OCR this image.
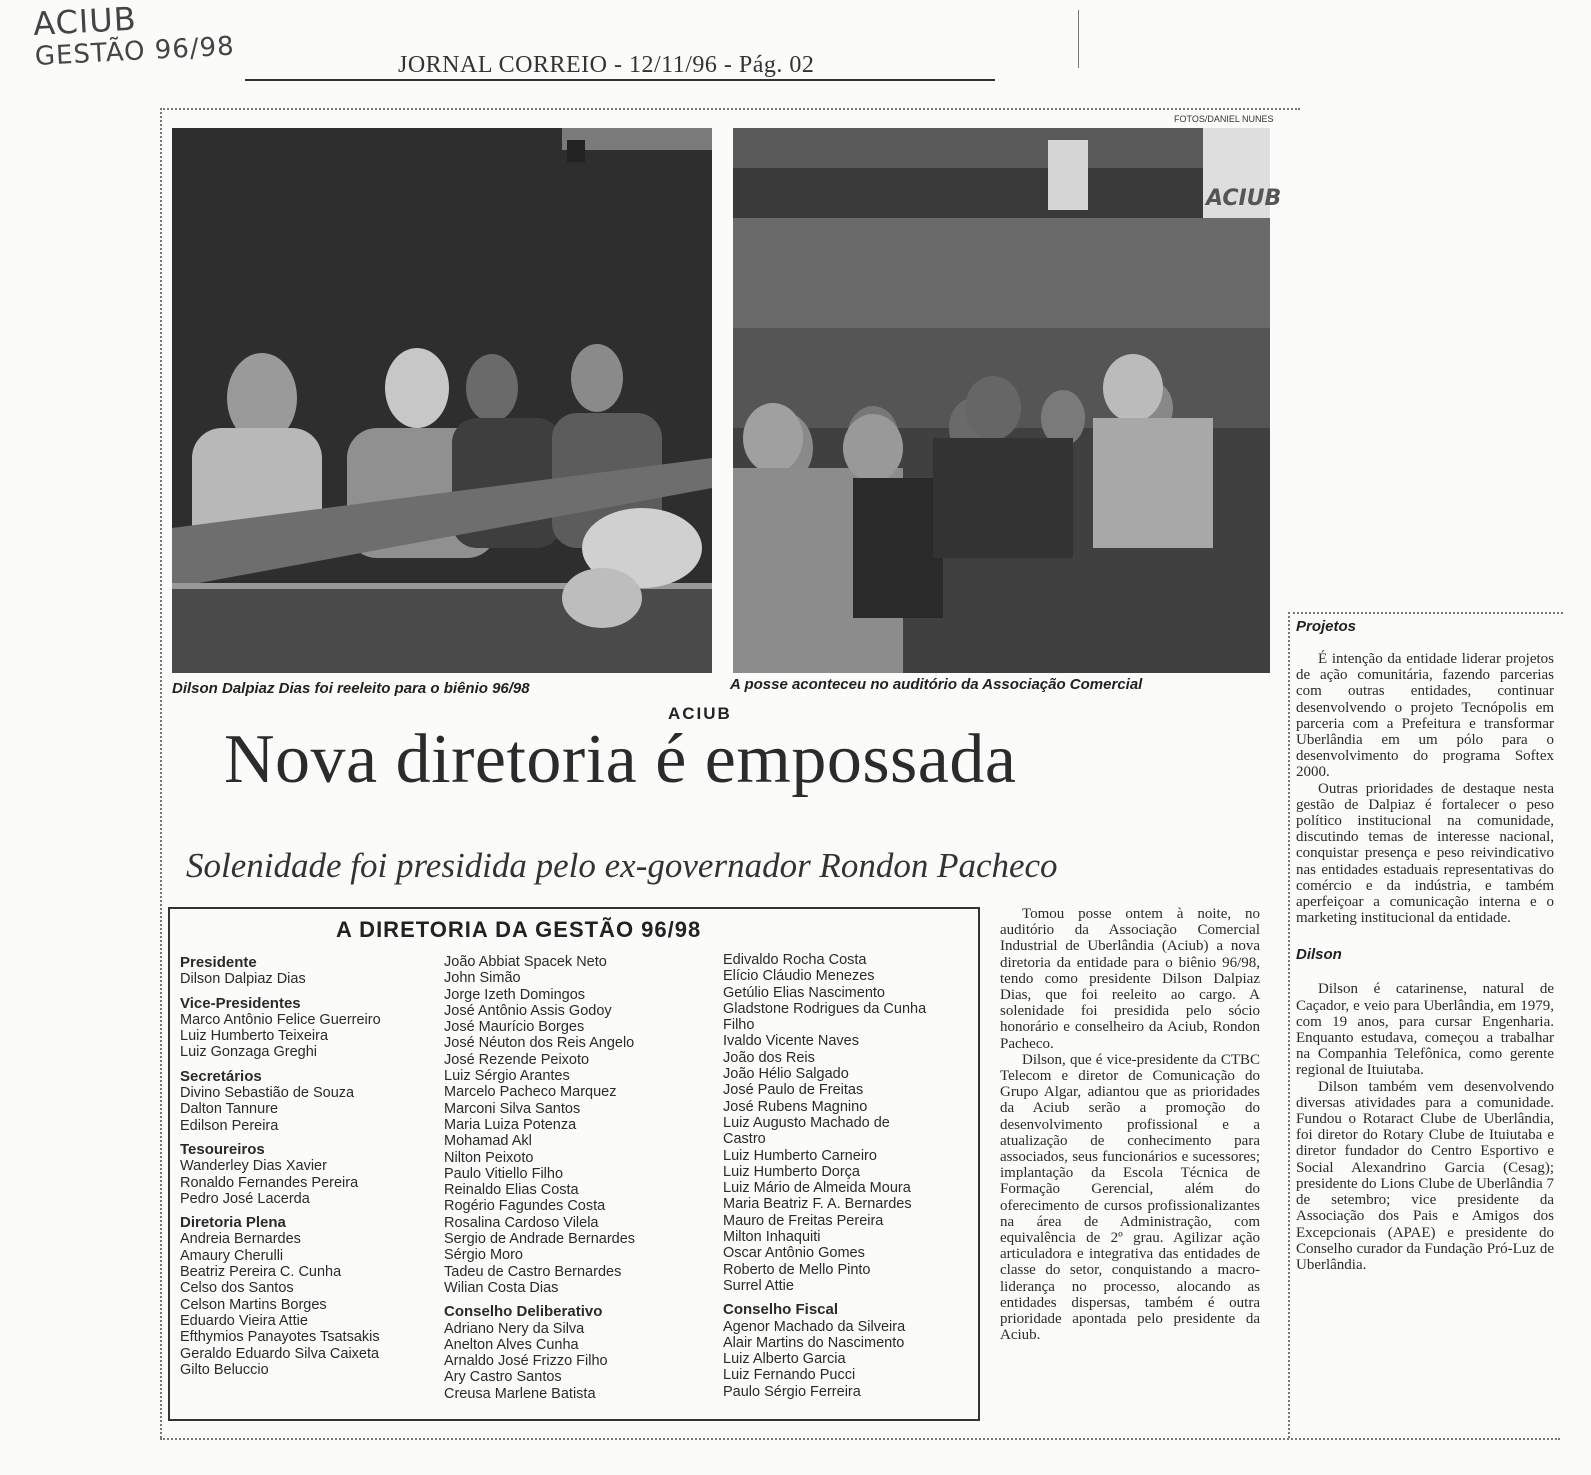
ACIUB
GESTÃO 96/98	JORNAL CORREIO - 12/11/96 - Pág. 02
FOTOS/DANIEL NUNES
ACIUB
Dilson Dalpiaz Dias foi reeleito para o biênio 96/98	A posse aconteceu no auditório da Associação Comercial
ACIUB
Nova diretoria é empossada
Solenidade foi presidida pelo ex-governador Rondon Pacheco
A DIRETORIA DA GESTÃO 96/98
Presidente
Dilson Dalpiaz Dias
Vice-Presidentes
Marco Antônio Felice Guerreiro
Luiz Humberto Teixeira
Luiz Gonzaga Greghi
Secretários
Divino Sebastião de Souza
Dalton Tannure
Edilson Pereira
Tesoureiros
Wanderley Dias Xavier
Ronaldo Fernandes Pereira
Pedro José Lacerda
Diretoria Plena
Andreia Bernardes
Amaury Cherulli
Beatriz Pereira C. Cunha
Celso dos Santos
Celson Martins Borges
Eduardo Vieira Attie
Efthymios Panayotes Tsatsakis
Geraldo Eduardo Silva Caixeta
Gilto Beluccio
João Abbiat Spacek Neto
John Simão
Jorge Izeth Domingos
José Antônio Assis Godoy
José Maurício Borges
José Néuton dos Reis Angelo
José Rezende Peixoto
Luiz Sérgio Arantes
Marcelo Pacheco Marquez
Marconi Silva Santos
Maria Luiza Potenza
Mohamad Akl
Nilton Peixoto
Paulo Vitiello Filho
Reinaldo Elias Costa
Rogério Fagundes Costa
Rosalina Cardoso Vilela
Sergio de Andrade Bernardes
Sérgio Moro
Tadeu de Castro Bernardes
Wilian Costa Dias
Conselho Deliberativo
Adriano Nery da Silva
Anelton Alves Cunha
Arnaldo José Frizzo Filho
Ary Castro Santos
Creusa Marlene Batista
Edivaldo Rocha Costa
Elício Cláudio Menezes
Getúlio Elias Nascimento
Gladstone Rodrigues da Cunha
Filho
Ivaldo Vicente Naves
João dos Reis
João Hélio Salgado
José Paulo de Freitas
José Rubens Magnino
Luiz Augusto Machado de
Castro
Luiz Humberto Carneiro
Luiz Humberto Dorça
Luiz Mário de Almeida Moura
Maria Beatriz F. A. Bernardes
Mauro de Freitas Pereira
Milton Inhaquiti
Oscar Antônio Gomes
Roberto de Mello Pinto
Surrel Attie
Conselho Fiscal
Agenor Machado da Silveira
Alair Martins do Nascimento
Luiz Alberto Garcia
Luiz Fernando Pucci
Paulo Sérgio Ferreira

Tomou posse ontem à noite, no auditório da Associação Comercial Industrial de Uberlândia (Aciub) a nova diretoria da entidade para o biênio 96/98, tendo como presidente Dilson Dalpiaz Dias, que foi reeleito ao cargo. A solenidade foi presidida pelo sócio honorário e conselheiro da Aciub, Rondon Pacheco.

Dilson, que é vice-presidente da CTBC Telecom e diretor de Comunicação do Grupo Algar, adiantou que as prioridades da Aciub serão a promoção do desenvolvimento profissional e a atualização de conhecimento para associados, seus funcionários e sucessores; implantação da Escola Técnica de Formação Gerencial, além do oferecimento de cursos profissionalizantes na área de Administração, com equivalência de 2º grau. Agilizar ação articuladora e integrativa das entidades de classe do setor, conquistando a macro-liderança no processo, alocando as entidades dispersas, também é outra prioridade apontada pelo presidente da Aciub.

Projetos

É intenção da entidade liderar projetos de ação comunitária, fazendo parcerias com outras entidades, continuar desenvolvendo o projeto Tecnópolis em parceria com a Prefeitura e transformar Uberlândia em um pólo para o desenvolvimento do programa Softex 2000.

Outras prioridades de destaque nesta gestão de Dalpiaz é fortalecer o peso político institucional na comunidade, discutindo temas de interesse nacional, conquistar presença e peso reivindicativo nas entidades estaduais representativas do comércio e da indústria, e também aperfeiçoar a comunicação interna e o marketing institucional da entidade.

Dilson

Dilson é catarinense, natural de Caçador, e veio para Uberlândia, em 1979, com 19 anos, para cursar Engenharia. Enquanto estudava, começou a trabalhar na Companhia Telefônica, como gerente regional de Ituiutaba.

Dilson também vem desenvolvendo diversas atividades para a comunidade. Fundou o Rotaract Clube de Uberlândia, foi diretor do Rotary Clube de Ituiutaba e diretor fundador do Centro Esportivo e Social Alexandrino Garcia (Cesag); presidente do Lions Clube de Uberlândia 7 de setembro; vice presidente da Associação dos Pais e Amigos dos Excepcionais (APAE) e presidente do Conselho curador da Fundação Pró-Luz de Uberlândia.
